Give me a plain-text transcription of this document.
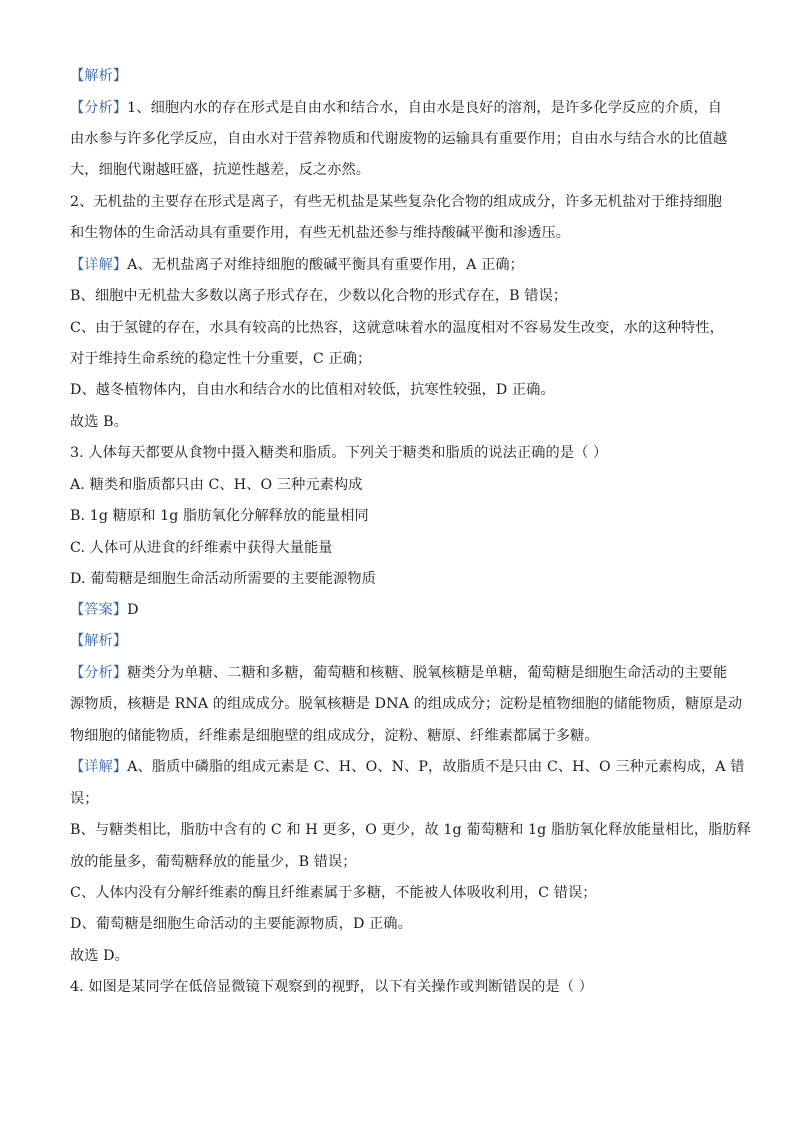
【解析】
【分析】1、细胞内水的存在形式是自由水和结合水，自由水是良好的溶剂，是许多化学反应的介质，自
由水参与许多化学反应，自由水对于营养物质和代谢废物的运输具有重要作用；自由水与结合水的比值越
大，细胞代谢越旺盛，抗逆性越差，反之亦然。
2、无机盐的主要存在形式是离子，有些无机盐是某些复杂化合物的组成成分，许多无机盐对于维持细胞
和生物体的生命活动具有重要作用，有些无机盐还参与维持酸碱平衡和渗透压。
【详解】A、无机盐离子对维持细胞的酸碱平衡具有重要作用，A 正确；
B、细胞中无机盐大多数以离子形式存在，少数以化合物的形式存在，B 错误；
C、由于氢键的存在，水具有较高的比热容，这就意味着水的温度相对不容易发生改变，水的这种特性，
对于维持生命系统的稳定性十分重要，C 正确；
D、越冬植物体内，自由水和结合水的比值相对较低，抗寒性较强，D 正确。
故选 B。
3. 人体每天都要从食物中摄入糖类和脂质。下列关于糖类和脂质的说法正确的是（ ）
A. 糖类和脂质都只由 C、H、O 三种元素构成
B. 1g 糖原和 1g 脂肪氧化分解释放的能量相同
C. 人体可从进食的纤维素中获得大量能量
D. 葡萄糖是细胞生命活动所需要的主要能源物质
【答案】D
【解析】
【分析】糖类分为单糖、二糖和多糖，葡萄糖和核糖、脱氧核糖是单糖，葡萄糖是细胞生命活动的主要能
源物质，核糖是 RNA 的组成成分。脱氧核糖是 DNA 的组成成分；淀粉是植物细胞的储能物质，糖原是动
物细胞的储能物质，纤维素是细胞壁的组成成分，淀粉、糖原、纤维素都属于多糖。
【详解】A、脂质中磷脂的组成元素是 C、H、O、N、P，故脂质不是只由 C、H、O 三种元素构成，A 错
误；
B、与糖类相比，脂肪中含有的 C 和 H 更多，O 更少，故 1g 葡萄糖和 1g 脂肪氧化释放能量相比，脂肪释
放的能量多，葡萄糖释放的能量少，B 错误；
C、人体内没有分解纤维素的酶且纤维素属于多糖，不能被人体吸收利用，C 错误；
D、葡萄糖是细胞生命活动的主要能源物质，D 正确。
故选 D。
4. 如图是某同学在低倍显微镜下观察到的视野，以下有关操作或判断错误的是（ ）
